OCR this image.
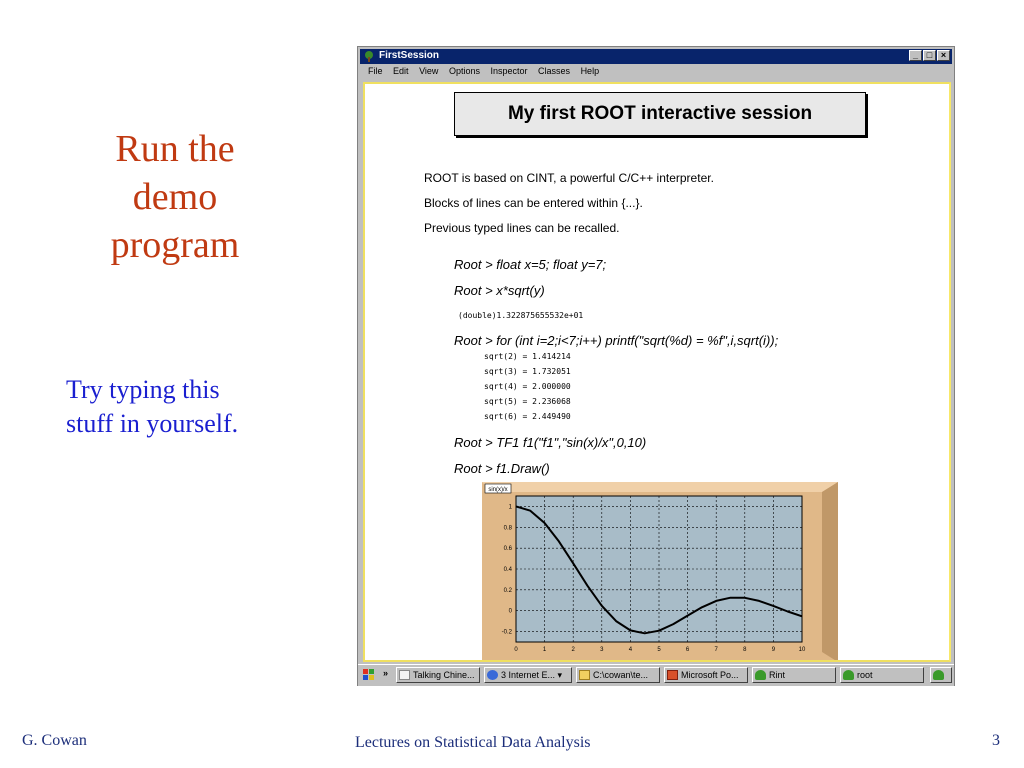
Run the
demo
program
Try typing this
stuff in yourself.
FirstSession	_ □ ×
File Edit View Options Inspector Classes Help
My first ROOT interactive session
ROOT is based on CINT, a powerful C/C++ interpreter.
Blocks of lines can be entered within {...}.
Previous typed lines can be recalled.
Root > float x=5; float y=7;
Root > x*sqrt(y)
(double)1.322875655532e+01
Root > for (int i=2;i<7;i++) printf("sqrt(%d) = %f",i,sqrt(i));
sqrt(2) = 1.414214
sqrt(3) = 1.732051
sqrt(4) = 2.000000
sqrt(5) = 2.236068
sqrt(6) = 2.449490
Root > TF1 f1("f1","sin(x)/x",0,10)
Root > f1.Draw()
0	1	2	3	4	5	6	7	8	9	10
-0.2
0
0.2
0.4
0.6
0.8
1
sin(x)/x
»	Talking Chine...	3 Internet E... ▾	C:\cowan\te...	Microsoft Po...	Rint	root
G. Cowan	Lectures on Statistical Data Analysis	3
